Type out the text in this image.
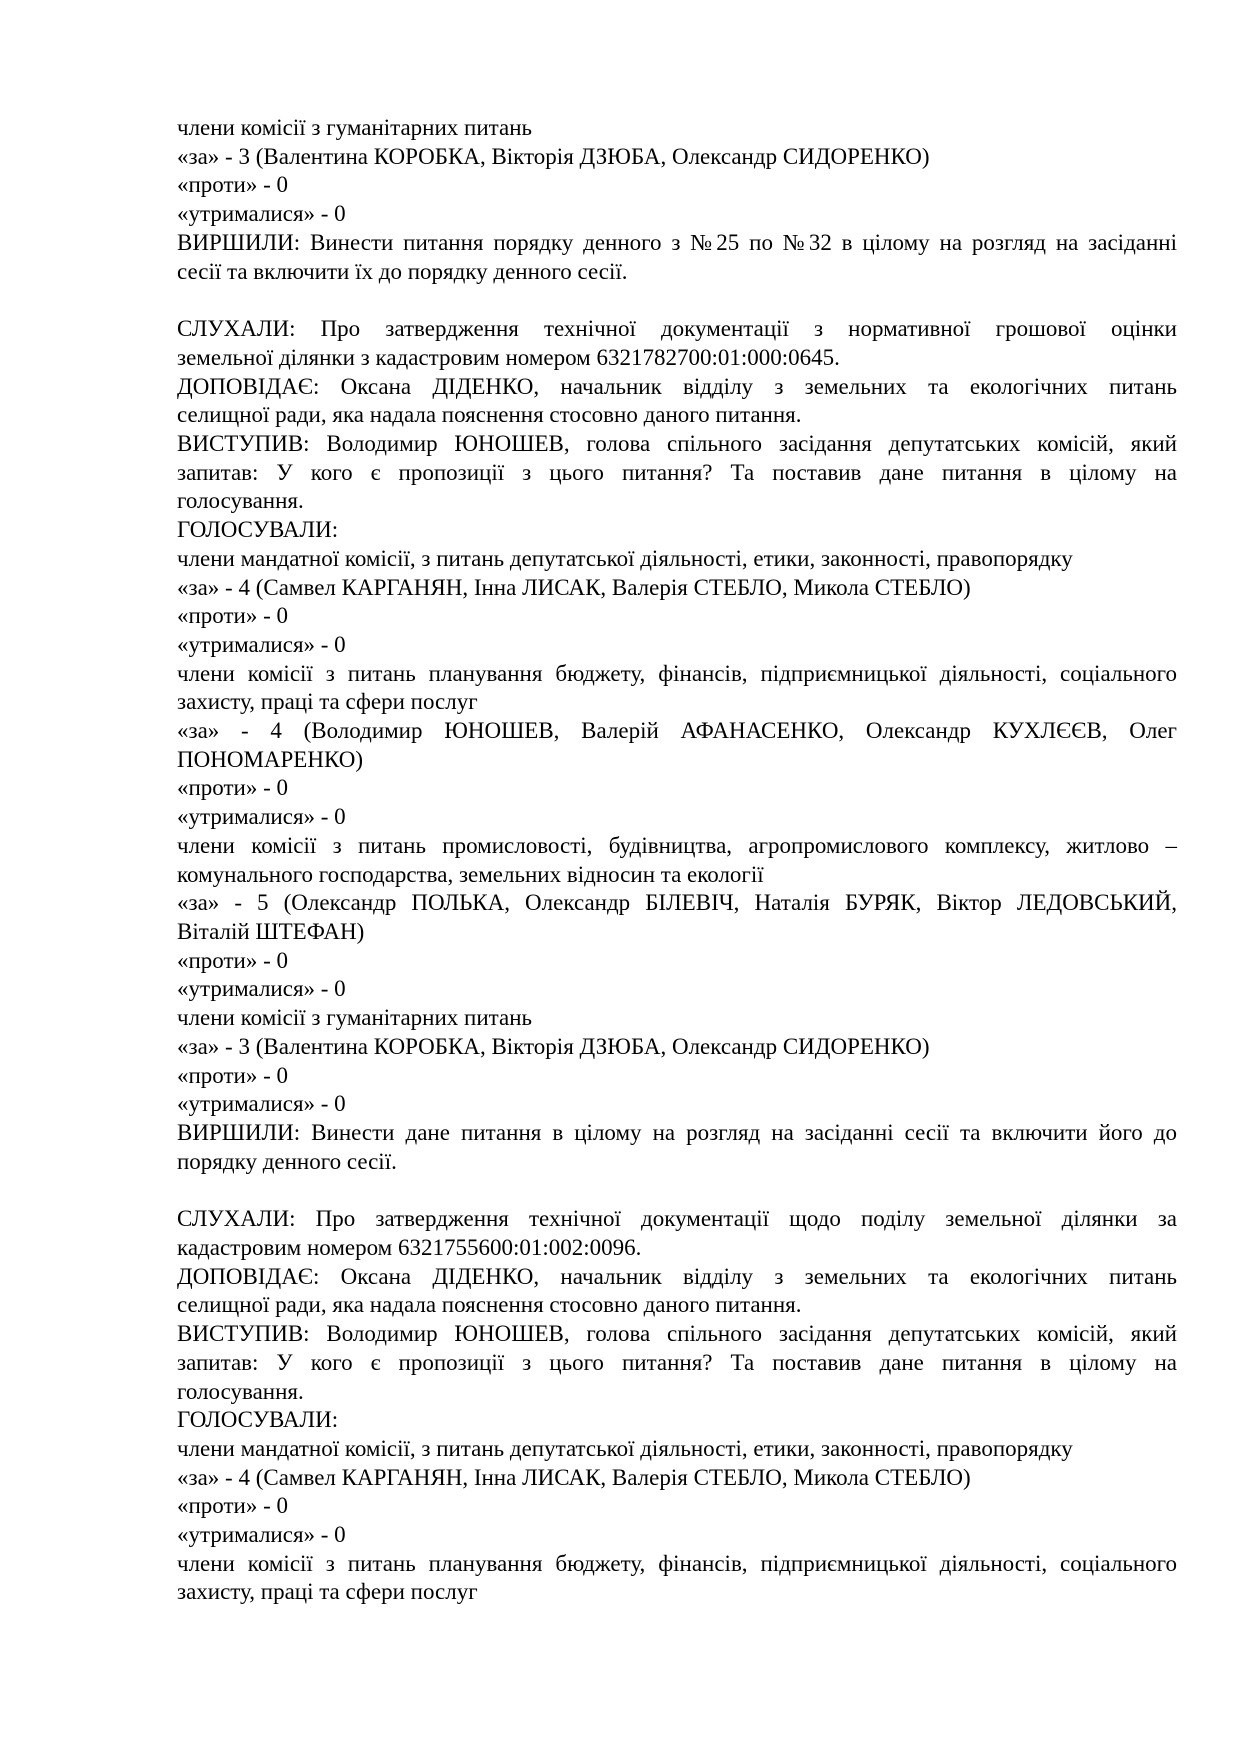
члени комісії з гуманітарних питань
«за» - 3 (Валентина КОРОБКА, Вікторія ДЗЮБА, Олександр СИДОРЕНКО)
«проти» - 0
«утрималися» - 0
ВИРШИЛИ: Винести питання порядку денного з №25 по №32 в цілому на розгляд на засіданні
сесії та включити їх до порядку денного сесії.
СЛУХАЛИ: Про затвердження технічної документації з нормативної грошової оцінки
земельної ділянки з кадастровим номером 6321782700:01:000:0645.
ДОПОВІДАЄ: Оксана ДІДЕНКО, начальник відділу з земельних та екологічних питань
селищної ради, яка надала пояснення стосовно даного питання.
ВИСТУПИВ: Володимир ЮНОШЕВ, голова спільного засідання депутатських комісій, який
запитав: У кого є пропозиції з цього питання? Та поставив дане питання в цілому на
голосування.
ГОЛОСУВАЛИ:
члени мандатної комісії, з питань депутатської діяльності, етики, законності, правопорядку
«за» - 4 (Самвел КАРГАНЯН, Інна ЛИСАК, Валерія СТЕБЛО, Микола СТЕБЛО)
«проти» - 0
«утрималися» - 0
члени комісії з питань планування бюджету, фінансів, підприємницької діяльності, соціального
захисту, праці та сфери послуг
«за» - 4 (Володимир ЮНОШЕВ, Валерій АФАНАСЕНКО, Олександр КУХЛЄЄВ, Олег
ПОНОМАРЕНКО)
«проти» - 0
«утрималися» - 0
члени комісії з питань промисловості, будівництва, агропромислового комплексу, житлово –
комунального господарства, земельних відносин та екології
«за» - 5 (Олександр ПОЛЬКА, Олександр БІЛЕВІЧ, Наталія БУРЯК, Віктор ЛЕДОВСЬКИЙ,
Віталій ШТЕФАН)
«проти» - 0
«утрималися» - 0
члени комісії з гуманітарних питань
«за» - 3 (Валентина КОРОБКА, Вікторія ДЗЮБА, Олександр СИДОРЕНКО)
«проти» - 0
«утрималися» - 0
ВИРШИЛИ: Винести дане питання в цілому на розгляд на засіданні сесії та включити його до
порядку денного сесії.
СЛУХАЛИ: Про затвердження технічної документації щодо поділу земельної ділянки за
кадастровим номером 6321755600:01:002:0096.
ДОПОВІДАЄ: Оксана ДІДЕНКО, начальник відділу з земельних та екологічних питань
селищної ради, яка надала пояснення стосовно даного питання.
ВИСТУПИВ: Володимир ЮНОШЕВ, голова спільного засідання депутатських комісій, який
запитав: У кого є пропозиції з цього питання? Та поставив дане питання в цілому на
голосування.
ГОЛОСУВАЛИ:
члени мандатної комісії, з питань депутатської діяльності, етики, законності, правопорядку
«за» - 4 (Самвел КАРГАНЯН, Інна ЛИСАК, Валерія СТЕБЛО, Микола СТЕБЛО)
«проти» - 0
«утрималися» - 0
члени комісії з питань планування бюджету, фінансів, підприємницької діяльності, соціального
захисту, праці та сфери послуг
